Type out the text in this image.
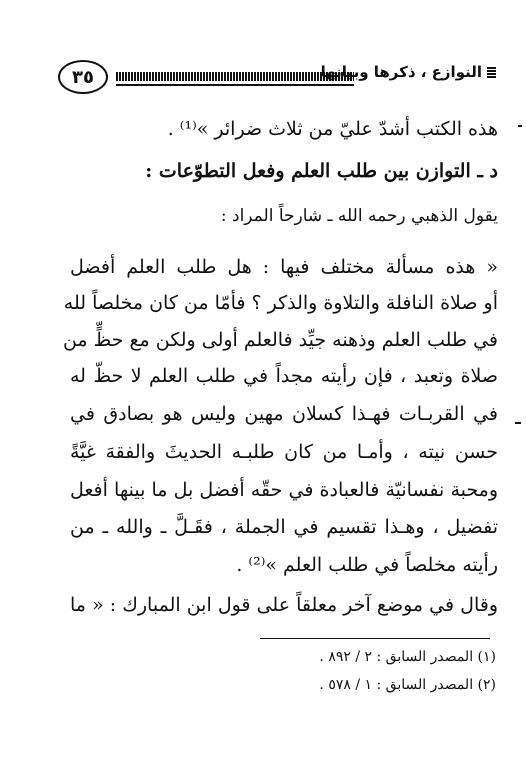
٣٥	النوازع ، ذكرها وبيانها
هذه الكتب أشدّ عليّ من ثلاث ضرائر »⁽¹⁾ .
د ـ التوازن بين طلب العلم وفعل التطوّعات :
يقول الذهبي رحمه الله ـ شارحاً المراد :
« هذه مسألة مختلف فيها : هل طلب العلم أفضل
أو صلاة النافلة والتلاوة والذكر ؟ فأمّا من كان مخلصاً لله
في طلب العلم وذهنه جيِّد فالعلم أولى ولكن مع حظٍّ من
صلاة وتعبد ، فإن رأيته مجداً في طلب العلم لا حظّ له
في القربـات فهـذا كسلان مهين وليس هو بصادق في
حسن نيته ، وأمـا من كان طلبـه الحديثَ والفقهَ غيَّةً
ومحبة نفسانيّة فالعبادة في حقّه أفضل بل ما بينها أفعل
تفضيل ، وهـذا تقسيم في الجملة ، فقَـلَّ ـ والله ـ من
رأيته مخلصاً في طلب العلم »⁽²⁾ .
وقال في موضع آخر معلقاً على قول ابن المبارك : « ما
(١) المصدر السابق : ٢ / ٨٩٢ .
(٢) المصدر السابق : ١ / ٥٧٨ .
